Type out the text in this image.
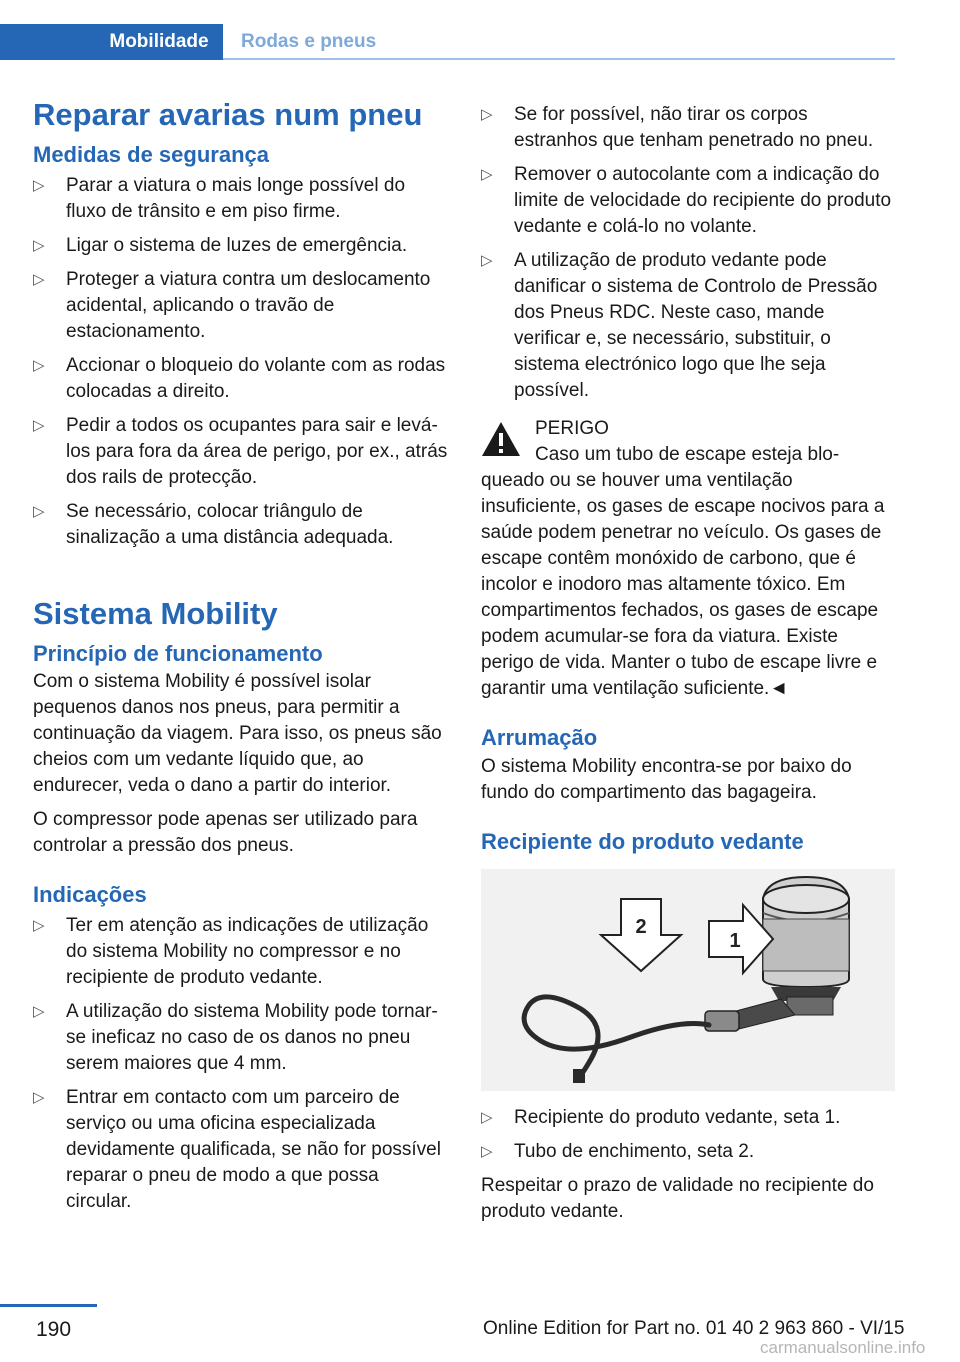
Mobilidade Rodas e pneus
Reparar avarias num pneu
Medidas de segurança
▷ Parar a viatura o mais longe possível do fluxo de trânsito e em piso firme.
▷ Ligar o sistema de luzes de emergência.
▷ Proteger a viatura contra um deslocamento acidental, aplicando o travão de estacionamento.
▷ Accionar o bloqueio do volante com as rodas colocadas a direito.
▷ Pedir a todos os ocupantes para sair e levá-los para fora da área de perigo, por ex., atrás dos rails de protecção.
▷ Se necessário, colocar triângulo de sinalização a uma distância adequada.
Sistema Mobility
Princípio de funcionamento

Com o sistema Mobility é possível isolar pequenos danos nos pneus, para permitir a continuação da viagem. Para isso, os pneus são cheios com um vedante líquido que, ao endurecer, veda o dano a partir do interior.

O compressor pode apenas ser utilizado para controlar a pressão dos pneus.

Indicações
▷ Ter em atenção as indicações de utilização do sistema Mobility no compressor e no recipiente de produto vedante.
▷ A utilização do sistema Mobility pode tornar-se ineficaz no caso de os danos no pneu serem maiores que 4 mm.
▷ Entrar em contacto com um parceiro de serviço ou uma oficina especializada devidamente qualificada, se não for possível reparar o pneu de modo a que possa circular.
▷ Se for possível, não tirar os corpos estranhos que tenham penetrado no pneu.
▷ Remover o autocolante com a indicação do limite de velocidade do recipiente do produto vedante e colá-lo no volante.
▷ A utilização de produto vedante pode danificar o sistema de Controlo de Pressão dos Pneus RDC. Neste caso, mande verificar e, se necessário, substituir, o sistema electrónico logo que lhe seja possível.
PERIGO
Caso um tubo de escape esteja blo-
queado ou se houver uma ventilação insuficiente, os gases de escape nocivos para a saúde podem penetrar no veículo. Os gases de escape contêm monóxido de carbono, que é incolor e inodoro mas altamente tóxico. Em compartimentos fechados, os gases de escape podem acumular-se fora da viatura. Existe perigo de vida. Manter o tubo de escape livre e garantir uma ventilação suficiente.◄
Arrumação

O sistema Mobility encontra-se por baixo do fundo do compartimento das bagageira.

Recipiente do produto vedante
2
1
▷ Recipiente do produto vedante, seta 1.
▷ Tubo de enchimento, seta 2.

Respeitar o prazo de validade no recipiente do produto vedante.

190	Online Edition for Part no. 01 40 2 963 860 - VI/15
carmanualsonline.info
